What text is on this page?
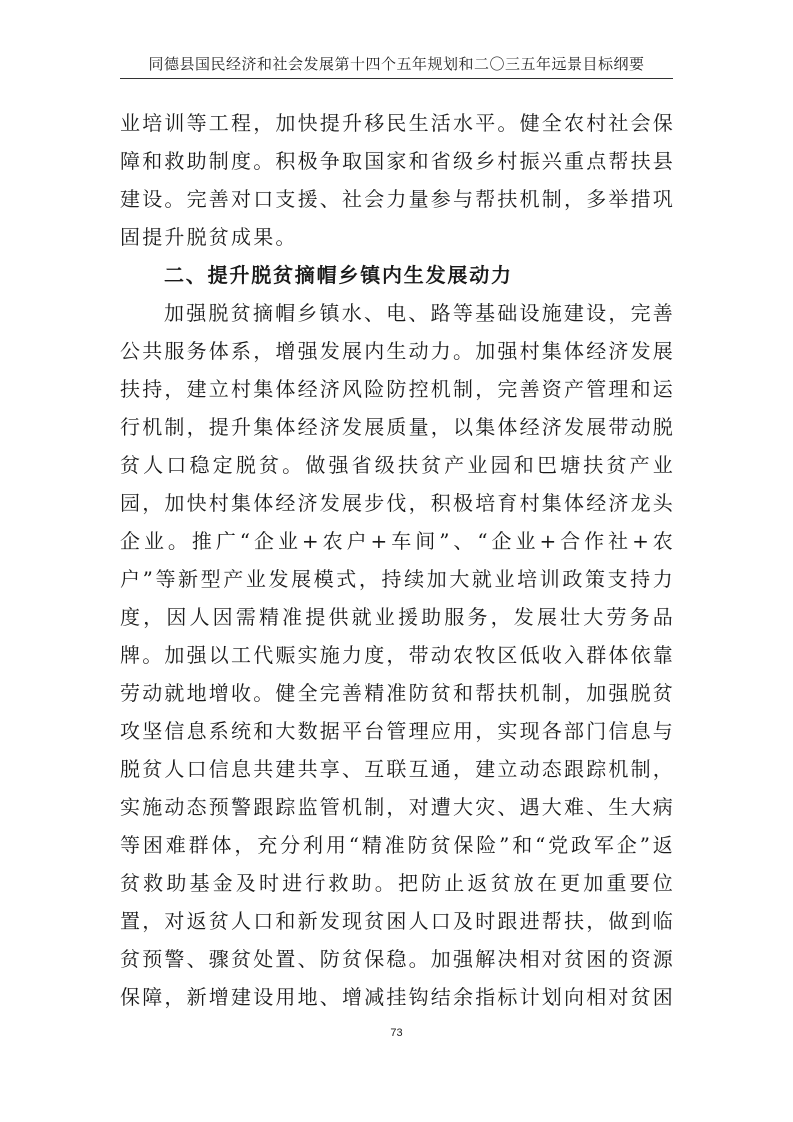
同德县国民经济和社会发展第十四个五年规划和二〇三五年远景目标纲要

业培训等工程，加快提升移民生活水平。健全农村社会保障和救助制度。积极争取国家和省级乡村振兴重点帮扶县建设。完善对口支援、社会力量参与帮扶机制，多举措巩固提升脱贫成果。

二、提升脱贫摘帽乡镇内生发展动力

加强脱贫摘帽乡镇水、电、路等基础设施建设，完善公共服务体系，增强发展内生动力。加强村集体经济发展扶持，建立村集体经济风险防控机制，完善资产管理和运行机制，提升集体经济发展质量，以集体经济发展带动脱贫人口稳定脱贫。做强省级扶贫产业园和巴塘扶贫产业园，加快村集体经济发展步伐，积极培育村集体经济龙头企业。推广“企业+农户+车间”、“企业+合作社+农户”等新型产业发展模式，持续加大就业培训政策支持力度，因人因需精准提供就业援助服务，发展壮大劳务品牌。加强以工代赈实施力度，带动农牧区低收入群体依靠劳动就地增收。健全完善精准防贫和帮扶机制，加强脱贫攻坚信息系统和大数据平台管理应用，实现各部门信息与脱贫人口信息共建共享、互联互通，建立动态跟踪机制，实施动态预警跟踪监管机制，对遭大灾、遇大难、生大病等困难群体，充分利用“精准防贫保险”和“党政军企”返贫救助基金及时进行救助。把防止返贫放在更加重要位置，对返贫人口和新发现贫困人口及时跟进帮扶，做到临贫预警、骤贫处置、防贫保稳。加强解决相对贫困的资源保障，新增建设用地、增减挂钩结余指标计划向相对贫困

73
